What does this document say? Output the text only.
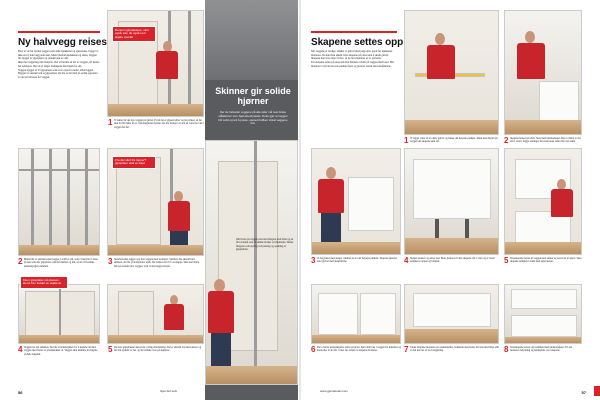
Ny halvvegg reises
Etter et vil bar fjernet veggen som delte kjøkkenet og spisestuen, bygget vi ikke en ny halvvegg som skal. Meter mellom kjøkkenet og stuen. Veggen ble bygget av gipsplater og stenderverk av stål.
Ikke mer veigerings inn benyttet. Det vil herme en del av veggen, vil mente her kalstepet. Det vil vi følger tradingene med hjem for det.
Veggen bygget av 45 gipsplater som er fra nyte fra nom i alberveggen. Bygget av stenderverk og gipsplater. De ble er det med på sedde oppsettet av det på tilsvaret for veggen.
Dersom gipsplatene, skru også, kan de også ned skjøte overalt
1 Vi lekter får det nye veggen på gulvet. Fordi det er gipsen løftet ved en vinkel, så det skal du fått lekte til av i betongsplaten fjernet. De ble montert av stål på tvers mot der i veggen før det.
2 Bunnsvill av stenderverket legges. Lodd fra tak, som vi benytter i disse på den som står gipsplater som må merkes og inn, så det vil komme plutselig igjen sammen.
Fra det slutt fra topper? gipsplater skal en kapt
3 Stenderverket legges opp mot veggen med isolasjon. Stendere ble skrudd inn i skinnen, det ble på kompletter ende. De brukes rett til å overlappe. Den skal slutte med en stender mot veggen, som vi skal legge etterpå.
Klem gipsplater på plassen, klemt fra i loddet av skjøtene
4 Veggen tas tett sammen. Det ble avstandstykker for å komme tett mot veggen med fester av plastsklokker ut. Veggen skal klemme til ringene på hele lengden.
5 De siste gipsplatene skrus fast i tidlig ettermiddag. Det er skrudd fast med skruer og det blir spaklet av her og det samme over på skjøtene.
56	Gjør det selv
Skinner gir solide hjørner
Der de fortsetter veggene på alle sider må man bruke stålskinner som hjørnebeskyttelse. Dette gjør at veggen blir solid og lett å pusse, uansett hvilken vinkel veggene har.
Om flaten på veggen som skal fungere med bånd og en fint avtrekk, kan en skinne brukes ved hjørnene. Denne fungerer som styring ved pussing og spakling av gipsplatene.
Skapene settes opp
Når veggene er ferdige, dekker vi gulvet med papp eller papir før kjøkkenet monteres. Da kan man enkelt bære skapene på plass uten å skade gulvet. Skapene kan være mye å bære, så de bør monteres av to personer.
Før skapene settes på plass må man markere nivået på veggen med laser. Her monterer vi på det laveste punktet først og justerer resten med skapføttene.
1 Vi legger vater ut fra dette gulvet og finner det høyeste punktet. Merk med blyant på veggen der skapene skal stå.	2 Skapene heises på plass. Start med hjørneskapet. Det er viktig at det står i vater i begge retninger før neste skap settes inn ved siden.
3 Vi begynner med skapet i midten ut fra det høyeste punktet. Skapene justeres etter gulvet med skapføttene.	4 Skapet justeres og settes fast. Bena justeres til alle skapene står i vater og er festet sammen i toppen og bunnen.	5 Overskapene festes til veggen med skruer og sette fast på plass. Skru skapene sammen i siden med egne skruer.
6 De to første underskapene settes på plass. Skru dem fast i veggen fra innsiden og kontroller at de står i vater før resten av skapene monteres.	7 Under skapene monteres en sokkelskinne. Sokkelen skal festes til bena med klips slik at den kan tas av ved rengjøring.	8 Overskapene settes opp sammen med underskapene. Til sist monteres belysning og benkeplate over skapene.
www.gjordetselv.com	57
